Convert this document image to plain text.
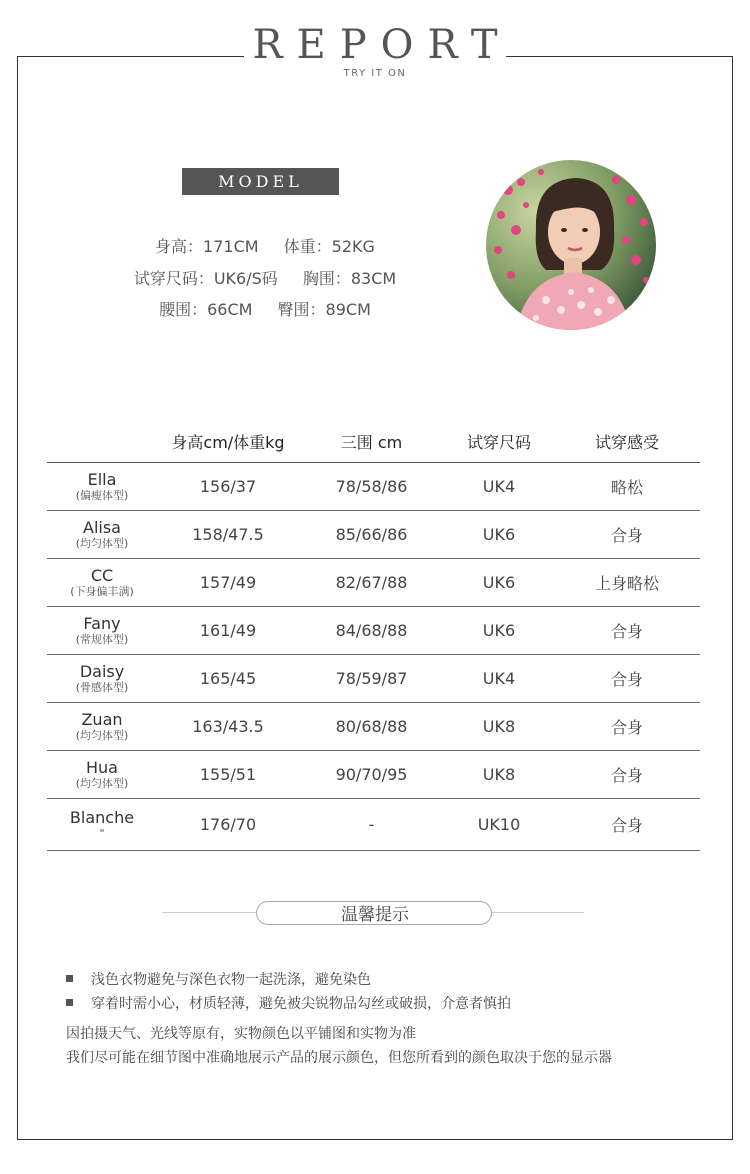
REPORT
TRY IT ON
MODEL
身高：171CM 体重：52KG
试穿尺码：UK6/S码 胸围：83CM
腰围：66CM 臀围：89CM
	身高cm/体重kg	三围 cm	试穿尺码	试穿感受

Ella
(偏瘦体型)	156/37	78/58/86	UK4	略松

Alisa
(均匀体型)	158/47.5	85/66/86	UK6	合身

CC
(下身偏丰满)	157/49	82/67/88	UK6	上身略松

Fany
(常规体型)	161/49	84/68/88	UK6	合身

Daisy
(骨感体型)	165/45	78/59/87	UK4	合身

Zuan
(均匀体型)	163/43.5	80/68/88	UK8	合身

Hua
(均匀体型)	155/51	90/70/95	UK8	合身

Blanche
"	176/70	-	UK10	合身
温馨提示
浅色衣物避免与深色衣物一起洗涤，避免染色
穿着时需小心，材质轻薄，避免被尖锐物品勾丝或破损，介意者慎拍
因拍摄天气、光线等原有，实物颜色以平铺图和实物为准
我们尽可能在细节图中准确地展示产品的展示颜色，但您所看到的颜色取决于您的显示器
